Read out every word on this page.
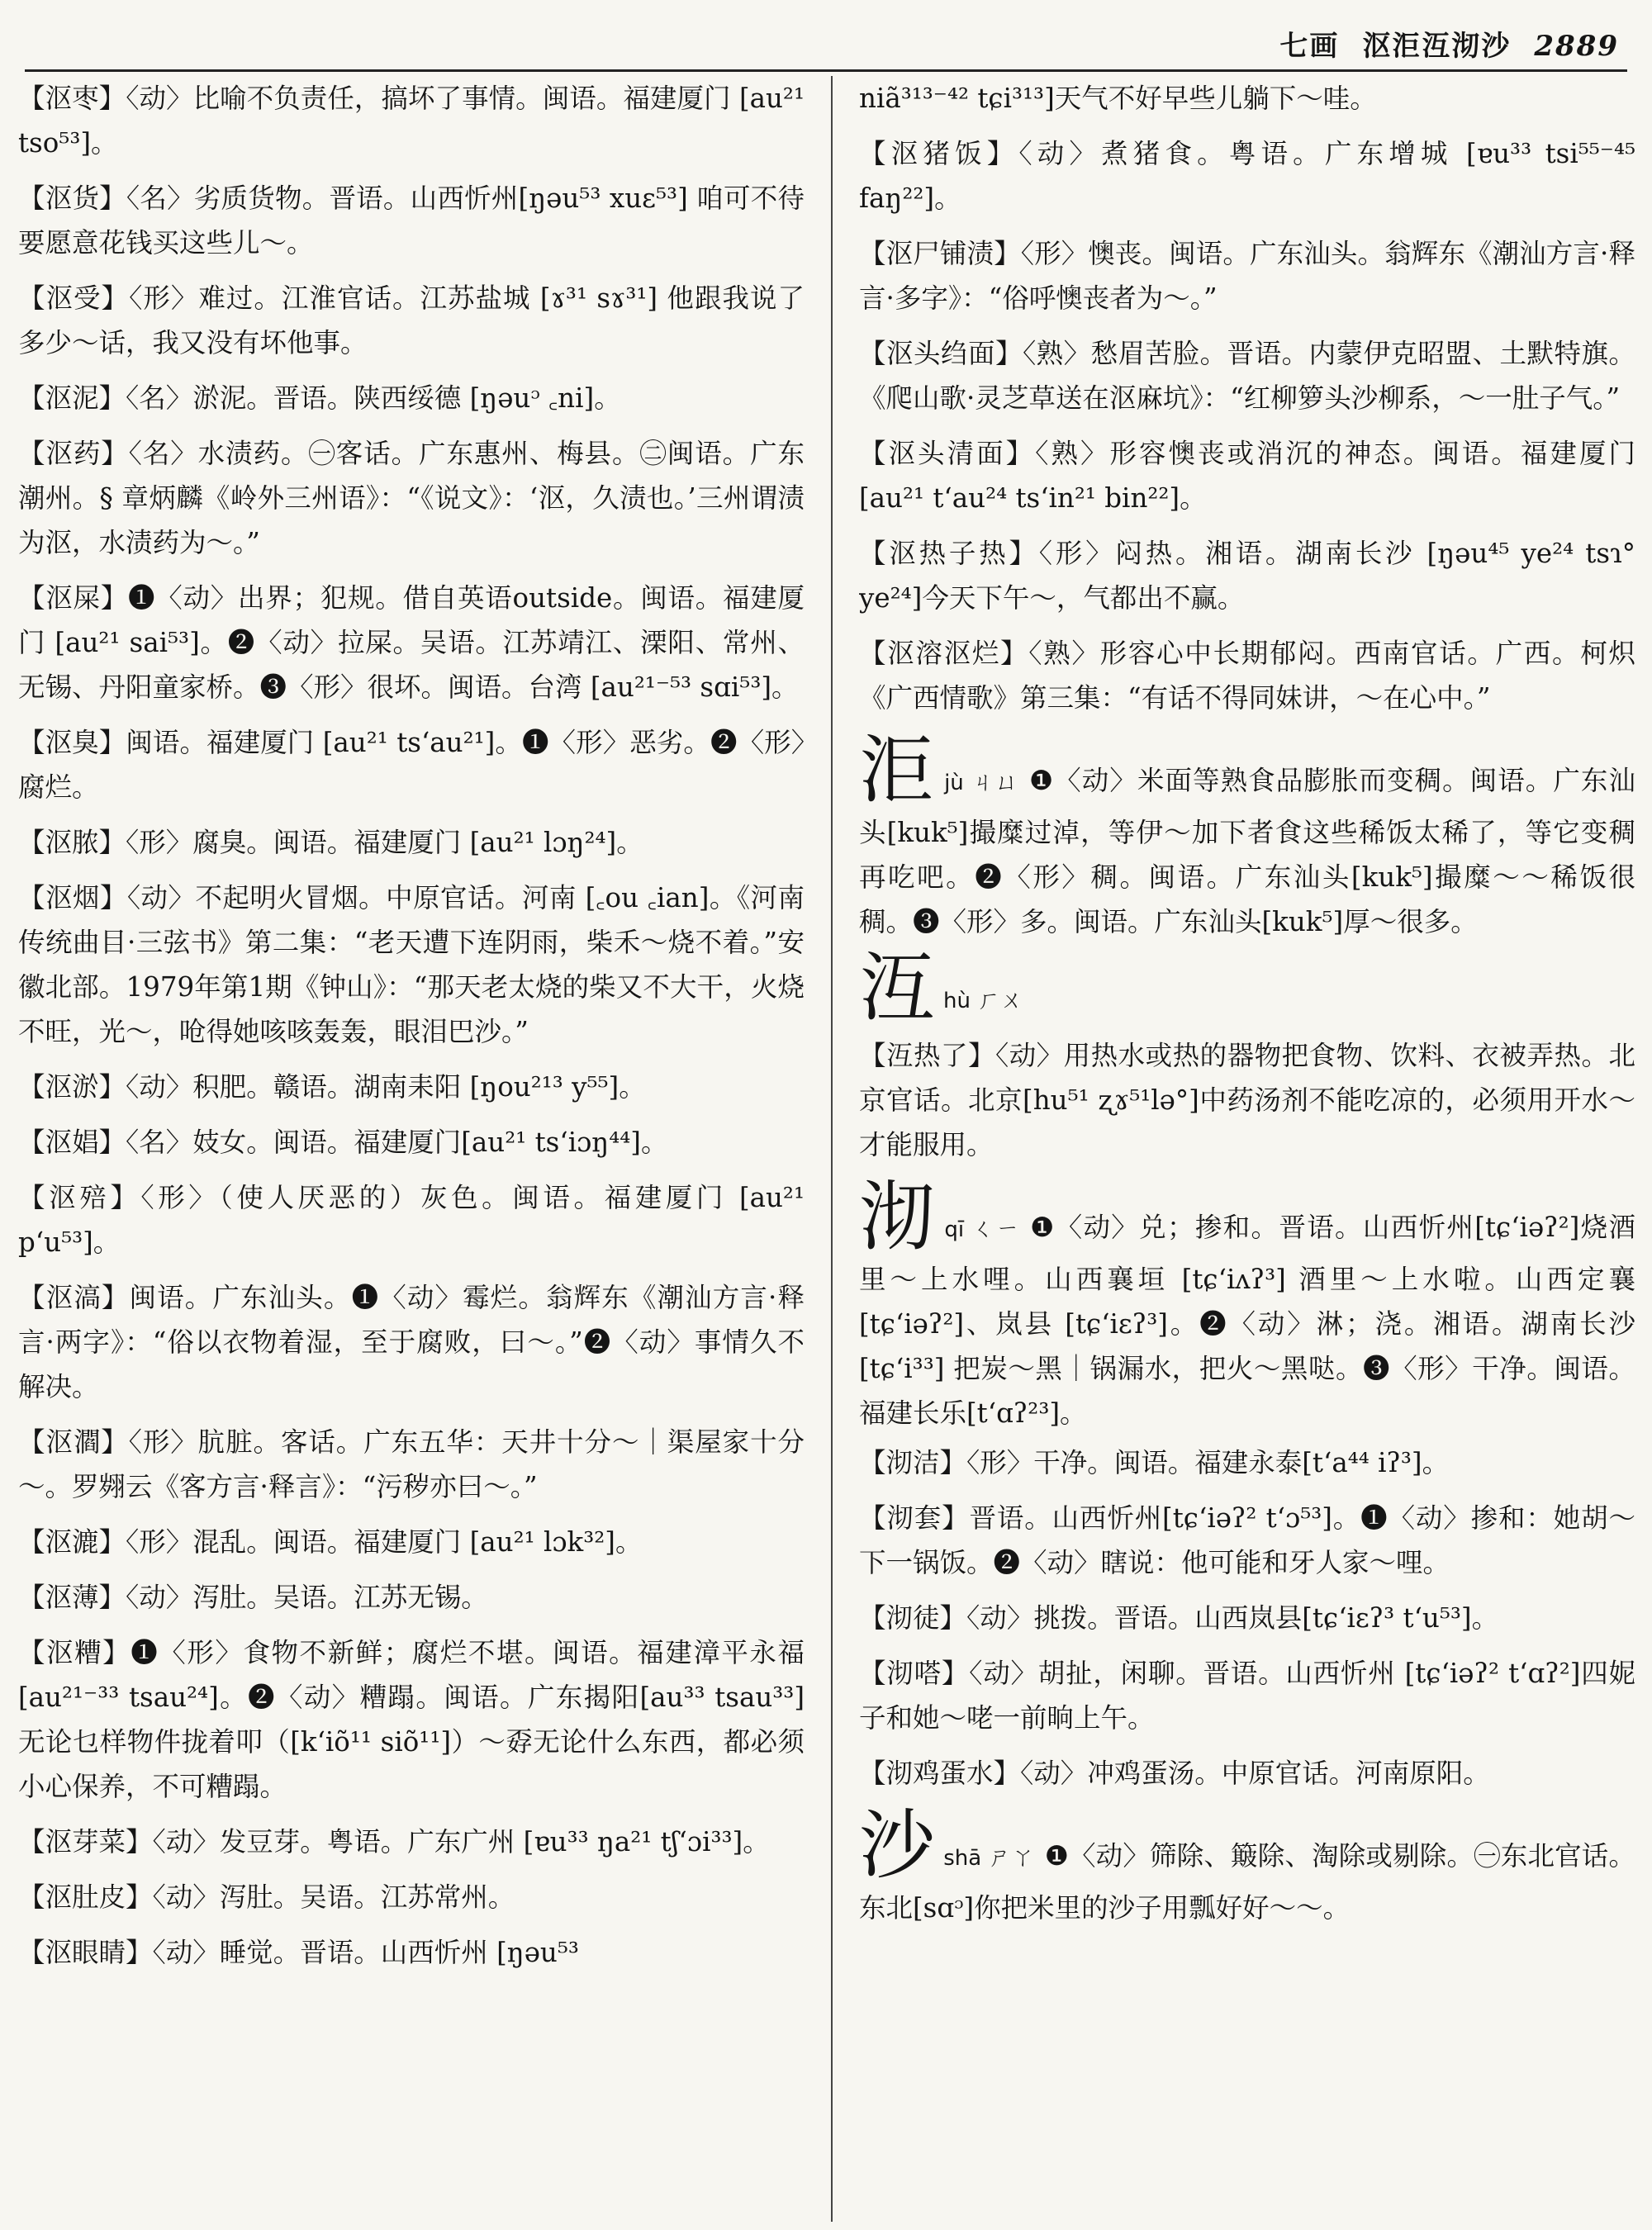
七画 沤洰沍沏沙 2889
【沤枣】〈动〉比喻不负责任，搞坏了事情。闽语。福建厦门 [au²¹ tso⁵³]。
【沤货】〈名〉劣质货物。晋语。山西忻州[ŋəu⁵³ xuɛ⁵³] 咱可不待要愿意花钱买这些儿～。
【沤受】〈形〉难过。江淮官话。江苏盐城 [ɤ³¹ sɤ³¹] 他跟我说了多少～话，我又没有坏他事。
【沤泥】〈名〉淤泥。晋语。陕西绥德 [ŋəuᵓ ꜀ni]。
【沤药】〈名〉水渍药。㊀客话。广东惠州、梅县。㊁闽语。广东潮州。§ 章炳麟《岭外三州语》：“《说文》：‘沤，久渍也。’三州谓渍为沤，水渍药为～。”
【沤屎】❶〈动〉出界；犯规。借自英语outside。闽语。福建厦门 [au²¹ sai⁵³]。❷〈动〉拉屎。吴语。江苏靖江、溧阳、常州、无锡、丹阳童家桥。❸〈形〉很坏。闽语。台湾 [au²¹⁻⁵³ sɑi⁵³]。
【沤臭】闽语。福建厦门 [au²¹ ts‘au²¹]。❶〈形〉恶劣。❷〈形〉腐烂。
【沤脓】〈形〉腐臭。闽语。福建厦门 [au²¹ lɔŋ²⁴]。
【沤烟】〈动〉不起明火冒烟。中原官话。河南 [꜀ou ꜀ian]。《河南传统曲目·三弦书》第二集：“老天遭下连阴雨，柴禾～烧不着。”安徽北部。1979年第1期《钟山》：“那天老太烧的柴又不大干，火烧不旺，光～，呛得她咳咳轰轰，眼泪巴沙。”
【沤淤】〈动〉积肥。赣语。湖南耒阳 [ŋou²¹³ y⁵⁵]。
【沤娼】〈名〉妓女。闽语。福建厦门[au²¹ ts‘iɔŋ⁴⁴]。
【沤殕】〈形〉（使人厌恶的）灰色。闽语。福建厦门 [au²¹ p‘u⁵³]。
【沤滈】闽语。广东汕头。❶〈动〉霉烂。翁辉东《潮汕方言·释言·两字》：“俗以衣物着湿，至于腐败，曰～。”❷〈动〉事情久不解决。
【沤㶄】〈形〉肮脏。客话。广东五华：天井十分～｜渠屋家十分～。罗翙云《客方言·释言》：“污秽亦曰～。”
【沤漉】〈形〉混乱。闽语。福建厦门 [au²¹ lɔk³²]。
【沤薄】〈动〉泻肚。吴语。江苏无锡。
【沤糟】❶〈形〉食物不新鲜；腐烂不堪。闽语。福建漳平永福 [au²¹⁻³³ tsau²⁴]。❷〈动〉糟蹋。闽语。广东揭阳[au³³ tsau³³]无论乜样物件拢着叩（[k‘iõ¹¹ siõ¹¹]）～孬无论什么东西，都必须小心保养，不可糟蹋。
【沤芽菜】〈动〉发豆芽。粤语。广东广州 [ɐu³³ ŋa²¹ tʃ‘ɔi³³]。
【沤肚皮】〈动〉泻肚。吴语。江苏常州。
【沤眼睛】〈动〉睡觉。晋语。山西忻州 [ŋəu⁵³
niã³¹³⁻⁴² tɕi³¹³]天气不好早些儿躺下～哇。
【沤猪饭】〈动〉煮猪食。粤语。广东增城 [ɐu³³ tsi⁵⁵⁻⁴⁵ faŋ²²]。
【沤尸铺渍】〈形〉懊丧。闽语。广东汕头。翁辉东《潮汕方言·释言·多字》：“俗呼懊丧者为～。”
【沤头绉面】〈熟〉愁眉苦脸。晋语。内蒙伊克昭盟、土默特旗。《爬山歌·灵芝草送在沤麻坑》：“红柳箩头沙柳系，～一肚子气。”
【沤头清面】〈熟〉形容懊丧或消沉的神态。闽语。福建厦门[au²¹ t‘au²⁴ ts‘in²¹ bin²²]。
【沤热子热】〈形〉闷热。湘语。湖南长沙 [ŋəu⁴⁵ ye²⁴ tsɿ° ye²⁴]今天下午～，气都出不赢。
【沤溶沤烂】〈熟〉形容心中长期郁闷。西南官话。广西。柯炽《广西情歌》第三集：“有话不得同妹讲，～在心中。”
洰jù ㄐㄩ ❶〈动〉米面等熟食品膨胀而变稠。闽语。广东汕头[kuk⁵]撮糜过淖，等伊～加下者食这些稀饭太稀了，等它变稠再吃吧。❷〈形〉稠。闽语。广东汕头[kuk⁵]撮糜～～稀饭很稠。❸〈形〉多。闽语。广东汕头[kuk⁵]厚～很多。
沍hù ㄏㄨ
【沍热了】〈动〉用热水或热的器物把食物、饮料、衣被弄热。北京官话。北京[hu⁵¹ ʐɤ⁵¹lə°]中药汤剂不能吃凉的，必须用开水～才能服用。
沏qī ㄑㄧ ❶〈动〉兑；掺和。晋语。山西忻州[tɕ‘iəʔ²]烧酒里～上水哩。山西襄垣 [tɕ‘iʌʔ³] 酒里～上水啦。山西定襄[tɕ‘iəʔ²]、岚县 [tɕ‘iɛʔ³]。❷〈动〉淋；浇。湘语。湖南长沙[tɕ‘i³³] 把炭～黑｜锅漏水，把火～黑哒。❸〈形〉干净。闽语。福建长乐[t‘ɑʔ²³]。
【沏洁】〈形〉干净。闽语。福建永泰[t‘a⁴⁴ iʔ³]。
【沏套】晋语。山西忻州[tɕ‘iəʔ² t‘ɔ⁵³]。❶〈动〉掺和：她胡～下一锅饭。❷〈动〉瞎说：他可能和牙人家～哩。
【沏徒】〈动〉挑拨。晋语。山西岚县[tɕ‘iɛʔ³ t‘u⁵³]。
【沏嗒】〈动〉胡扯，闲聊。晋语。山西忻州 [tɕ‘iəʔ² t‘ɑʔ²]四妮子和她～咾一前晌上午。
【沏鸡蛋水】〈动〉冲鸡蛋汤。中原官话。河南原阳。
沙shā ㄕㄚ ❶〈动〉筛除、簸除、淘除或剔除。㊀东北官话。东北[sɑᵓ]你把米里的沙子用瓢好好～～。
